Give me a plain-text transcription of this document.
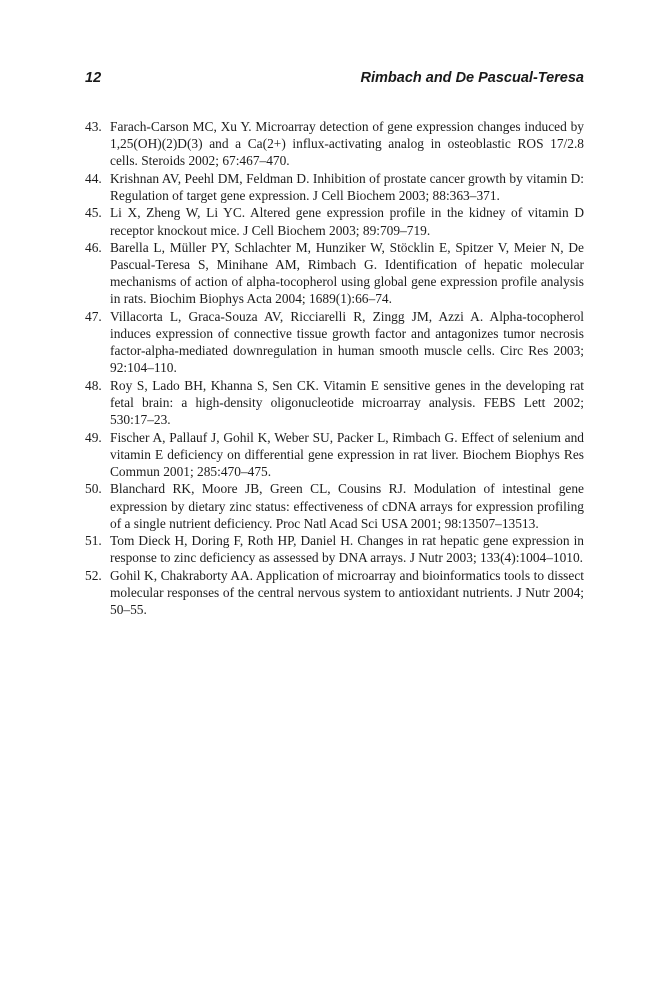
12	Rimbach and De Pascual-Teresa
43. Farach-Carson MC, Xu Y. Microarray detection of gene expression changes induced by 1,25(OH)(2)D(3) and a Ca(2+) influx-activating analog in osteoblastic ROS 17/2.8 cells. Steroids 2002; 67:467–470.
44. Krishnan AV, Peehl DM, Feldman D. Inhibition of prostate cancer growth by vitamin D: Regulation of target gene expression. J Cell Biochem 2003; 88:363–371.
45. Li X, Zheng W, Li YC. Altered gene expression profile in the kidney of vitamin D receptor knockout mice. J Cell Biochem 2003; 89:709–719.
46. Barella L, Müller PY, Schlachter M, Hunziker W, Stöcklin E, Spitzer V, Meier N, De Pascual-Teresa S, Minihane AM, Rimbach G. Identification of hepatic molecular mechanisms of action of alpha-tocopherol using global gene expression profile analysis in rats. Biochim Biophys Acta 2004; 1689(1):66–74.
47. Villacorta L, Graca-Souza AV, Ricciarelli R, Zingg JM, Azzi A. Alpha-tocopherol induces expression of connective tissue growth factor and antagonizes tumor necrosis factor-alpha-mediated downregulation in human smooth muscle cells. Circ Res 2003; 92:104–110.
48. Roy S, Lado BH, Khanna S, Sen CK. Vitamin E sensitive genes in the developing rat fetal brain: a high-density oligonucleotide microarray analysis. FEBS Lett 2002; 530:17–23.
49. Fischer A, Pallauf J, Gohil K, Weber SU, Packer L, Rimbach G. Effect of selenium and vitamin E deficiency on differential gene expression in rat liver. Biochem Biophys Res Commun 2001; 285:470–475.
50. Blanchard RK, Moore JB, Green CL, Cousins RJ. Modulation of intestinal gene expression by dietary zinc status: effectiveness of cDNA arrays for expression profiling of a single nutrient deficiency. Proc Natl Acad Sci USA 2001; 98:13507–13513.
51. Tom Dieck H, Doring F, Roth HP, Daniel H. Changes in rat hepatic gene expression in response to zinc deficiency as assessed by DNA arrays. J Nutr 2003; 133(4):1004–1010.
52. Gohil K, Chakraborty AA. Application of microarray and bioinformatics tools to dissect molecular responses of the central nervous system to antioxidant nutrients. J Nutr 2004; 50–55.
